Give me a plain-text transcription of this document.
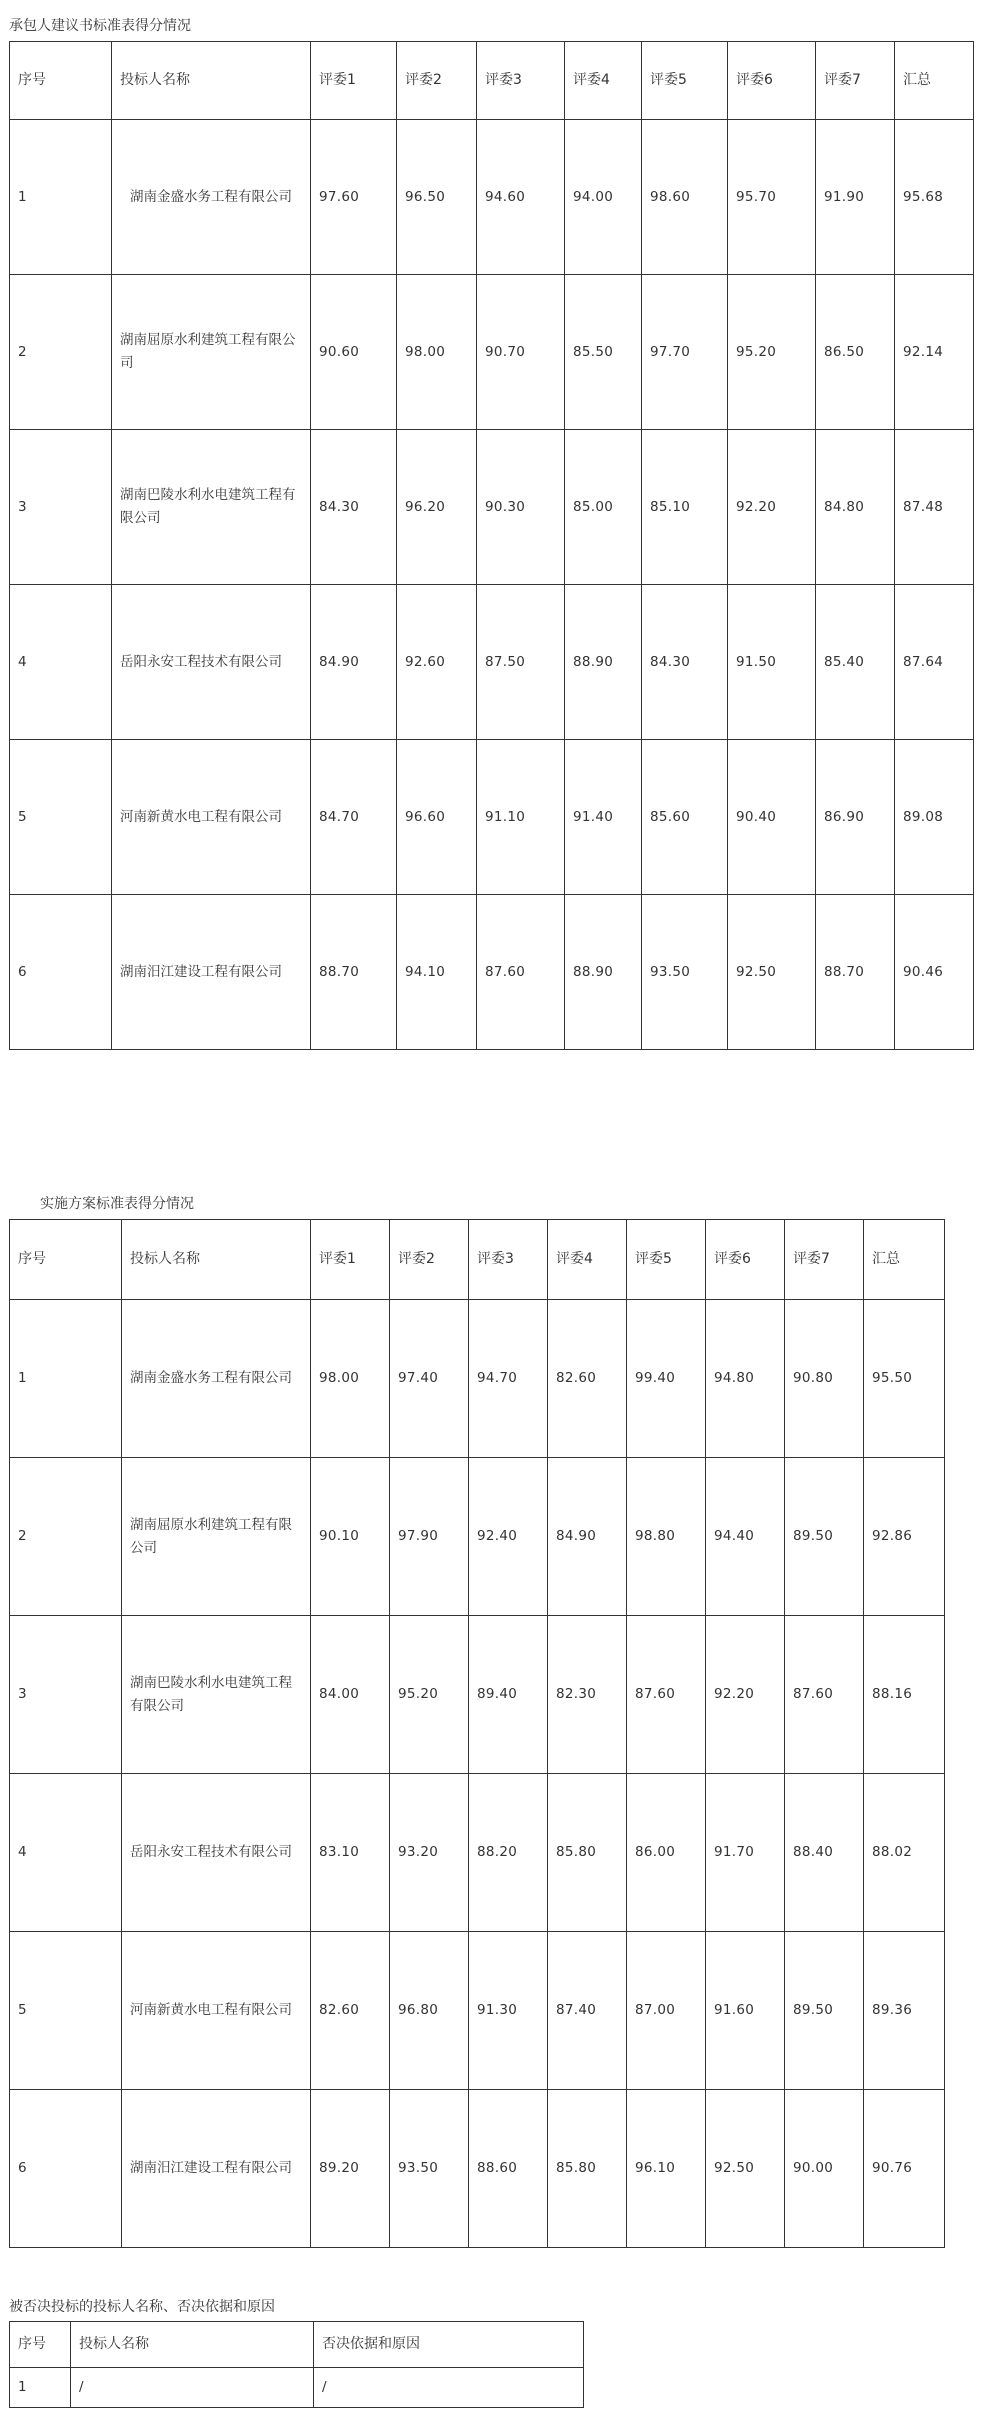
承包人建议书标准表得分情况
序号	投标人名称	评委1	评委2	评委3	评委4	评委5	评委6	评委7	汇总
1	湖南金盛水务工程有限公司	97.60	96.50	94.60	94.00	98.60	95.70	91.90	95.68
2	湖南屈原水利建筑工程有限公司	90.60	98.00	90.70	85.50	97.70	95.20	86.50	92.14
3	湖南巴陵水利水电建筑工程有限公司	84.30	96.20	90.30	85.00	85.10	92.20	84.80	87.48
4	岳阳永安工程技术有限公司	84.90	92.60	87.50	88.90	84.30	91.50	85.40	87.64
5	河南新黄水电工程有限公司	84.70	96.60	91.10	91.40	85.60	90.40	86.90	89.08
6	湖南汨江建设工程有限公司	88.70	94.10	87.60	88.90	93.50	92.50	88.70	90.46
实施方案标准表得分情况
序号	投标人名称	评委1	评委2	评委3	评委4	评委5	评委6	评委7	汇总
1	湖南金盛水务工程有限公司	98.00	97.40	94.70	82.60	99.40	94.80	90.80	95.50
2	湖南屈原水利建筑工程有限公司	90.10	97.90	92.40	84.90	98.80	94.40	89.50	92.86
3	湖南巴陵水利水电建筑工程有限公司	84.00	95.20	89.40	82.30	87.60	92.20	87.60	88.16
4	岳阳永安工程技术有限公司	83.10	93.20	88.20	85.80	86.00	91.70	88.40	88.02
5	河南新黄水电工程有限公司	82.60	96.80	91.30	87.40	87.00	91.60	89.50	89.36
6	湖南汨江建设工程有限公司	89.20	93.50	88.60	85.80	96.10	92.50	90.00	90.76
被否决投标的投标人名称、否决依据和原因
序号	投标人名称	否决依据和原因
1	/	/
